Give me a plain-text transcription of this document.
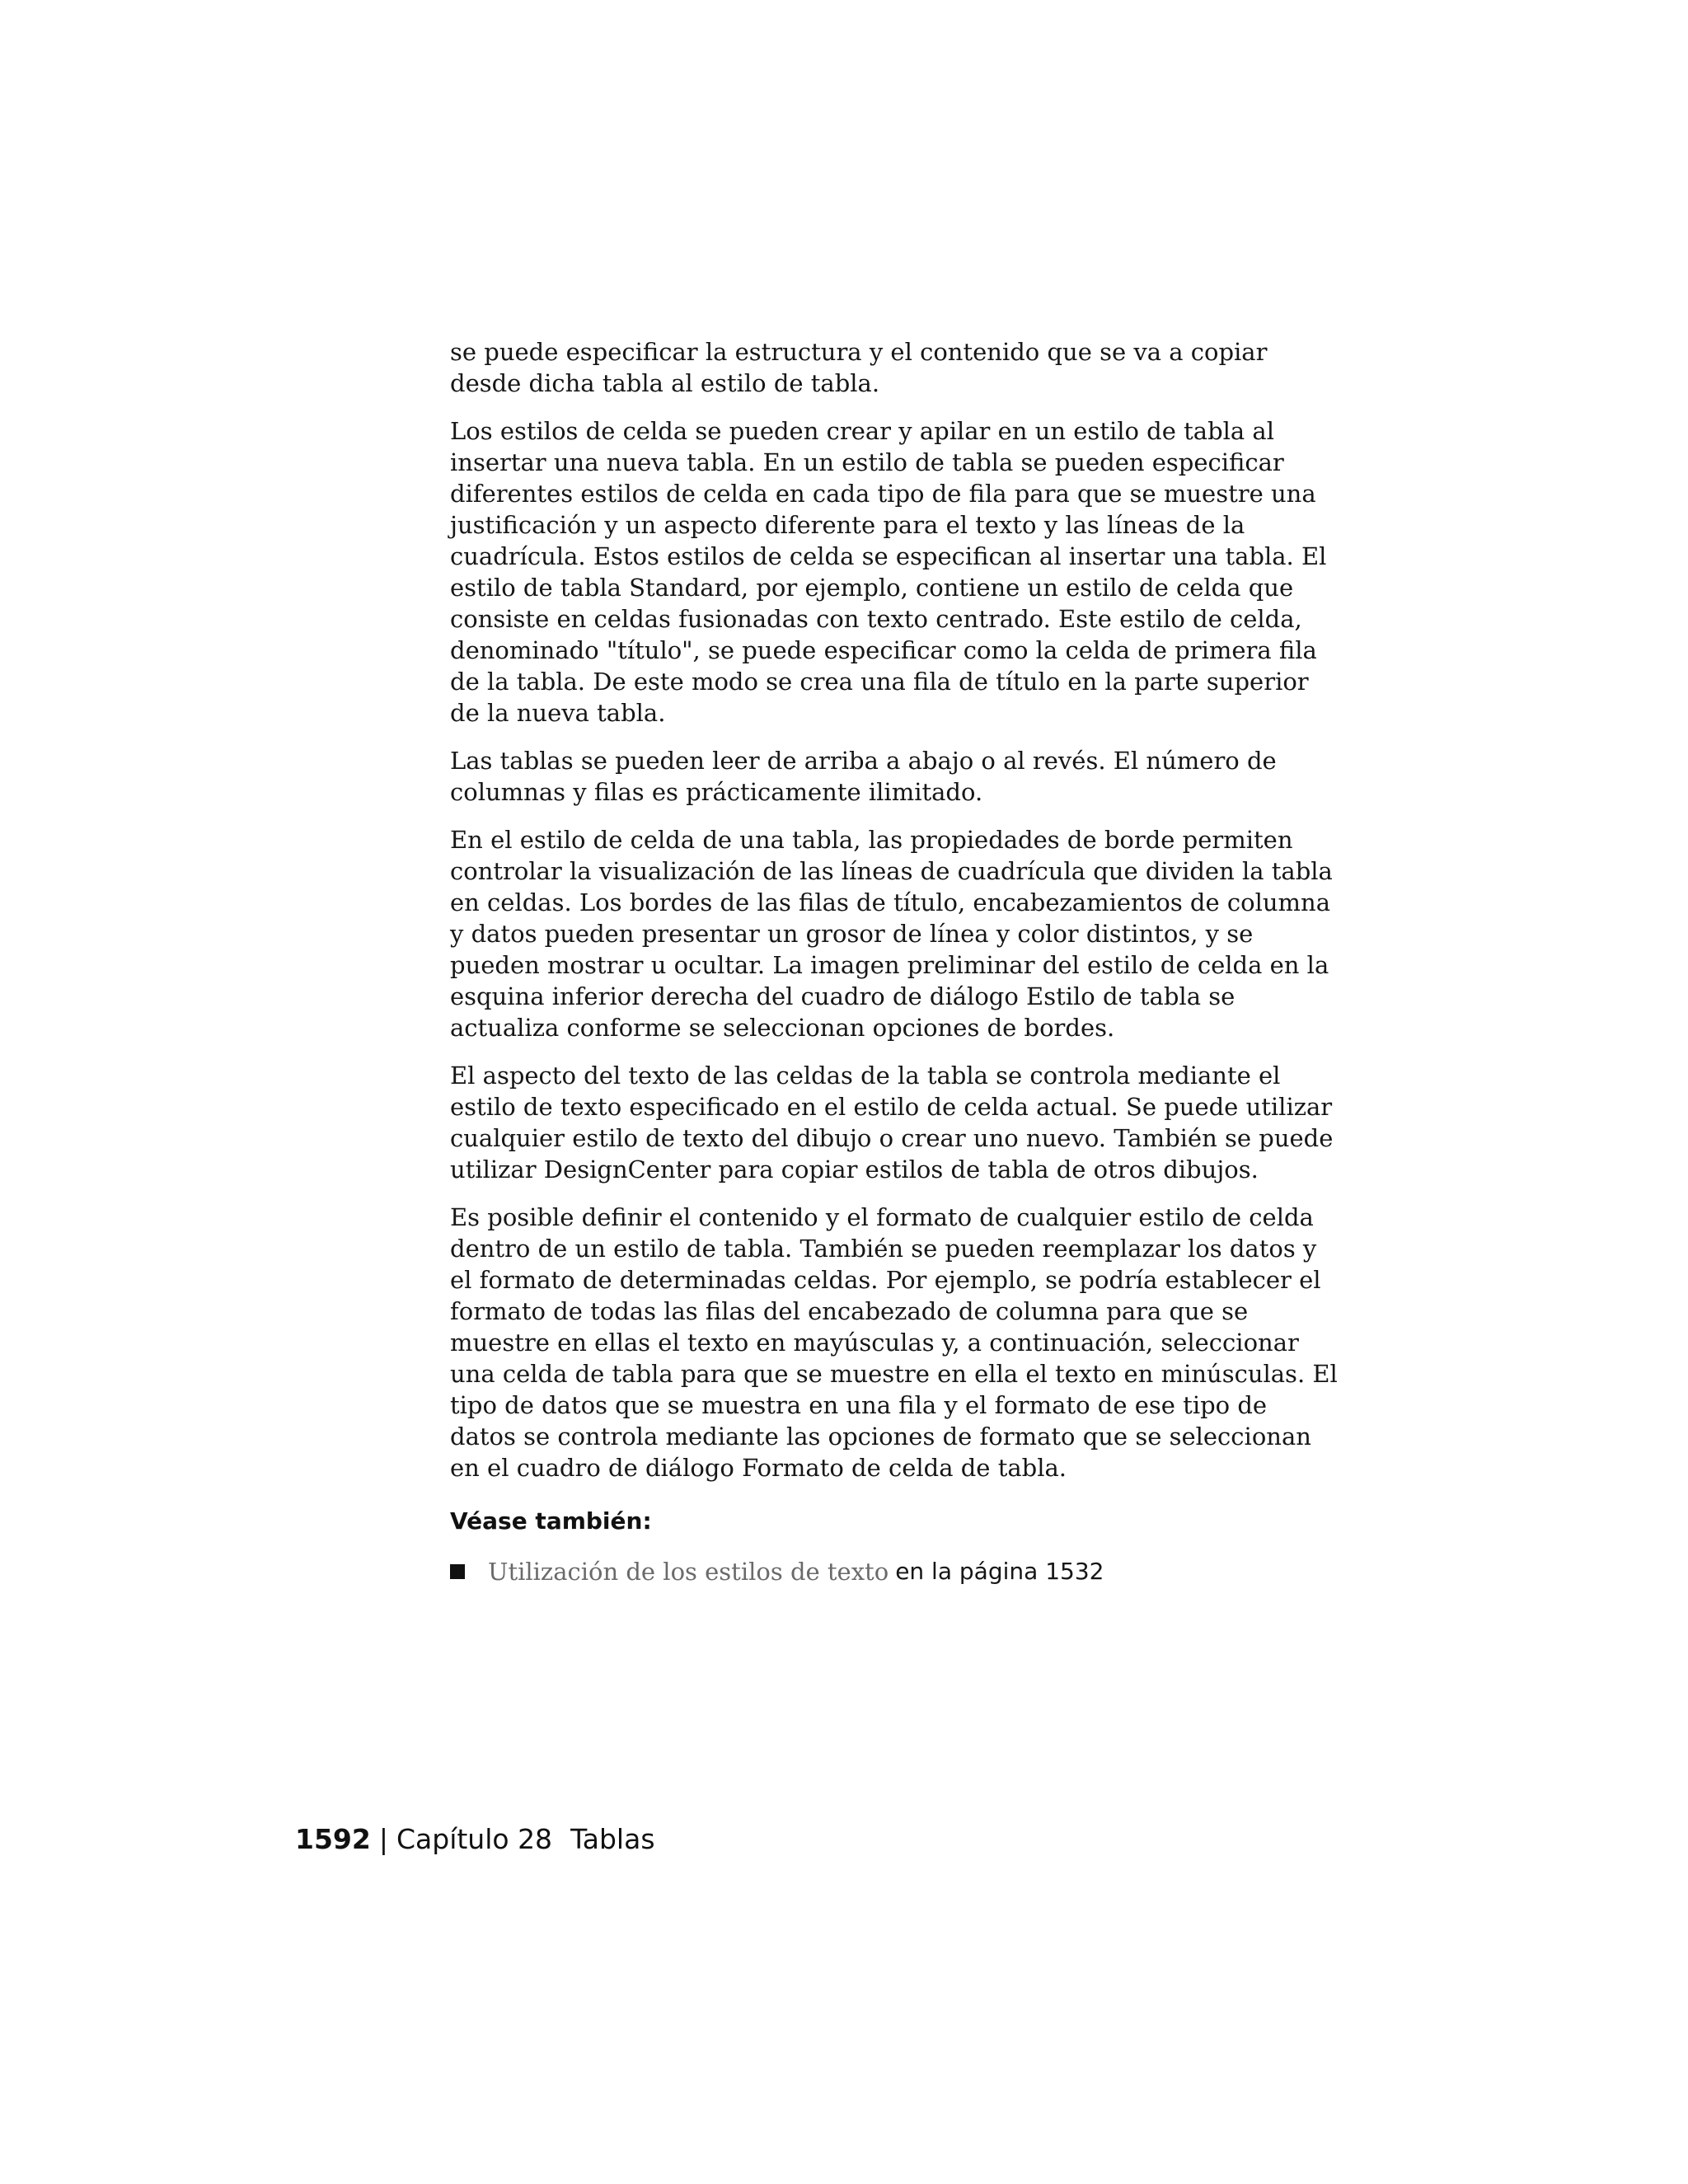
se puede especificar la estructura y el contenido que se va a copiar desde dicha tabla al estilo de tabla.

Los estilos de celda se pueden crear y apilar en un estilo de tabla al insertar una nueva tabla. En un estilo de tabla se pueden especificar diferentes estilos de celda en cada tipo de fila para que se muestre una justificación y un aspecto diferente para el texto y las líneas de la cuadrícula. Estos estilos de celda se especifican al insertar una tabla. El estilo de tabla Standard, por ejemplo, contiene un estilo de celda que consiste en celdas fusionadas con texto centrado. Este estilo de celda, denominado "título", se puede especificar como la celda de primera fila de la tabla. De este modo se crea una fila de título en la parte superior de la nueva tabla.

Las tablas se pueden leer de arriba a abajo o al revés. El número de columnas y filas es prácticamente ilimitado.

En el estilo de celda de una tabla, las propiedades de borde permiten controlar la visualización de las líneas de cuadrícula que dividen la tabla en celdas. Los bordes de las filas de título, encabezamientos de columna y datos pueden presentar un grosor de línea y color distintos, y se pueden mostrar u ocultar. La imagen preliminar del estilo de celda en la esquina inferior derecha del cuadro de diálogo Estilo de tabla se actualiza conforme se seleccionan opciones de bordes.

El aspecto del texto de las celdas de la tabla se controla mediante el estilo de texto especificado en el estilo de celda actual. Se puede utilizar cualquier estilo de texto del dibujo o crear uno nuevo. También se puede utilizar DesignCenter para copiar estilos de tabla de otros dibujos.

Es posible definir el contenido y el formato de cualquier estilo de celda dentro de un estilo de tabla. También se pueden reemplazar los datos y el formato de determinadas celdas. Por ejemplo, se podría establecer el formato de todas las filas del encabezado de columna para que se muestre en ellas el texto en mayúsculas y, a continuación, seleccionar una celda de tabla para que se muestre en ella el texto en minúsculas. El tipo de datos que se muestra en una fila y el formato de ese tipo de datos se controla mediante las opciones de formato que se seleccionan en el cuadro de diálogo Formato de celda de tabla.

Véase también:
Utilización de los estilos de texto en la página 1532
1592 | Capítulo 28 Tablas
